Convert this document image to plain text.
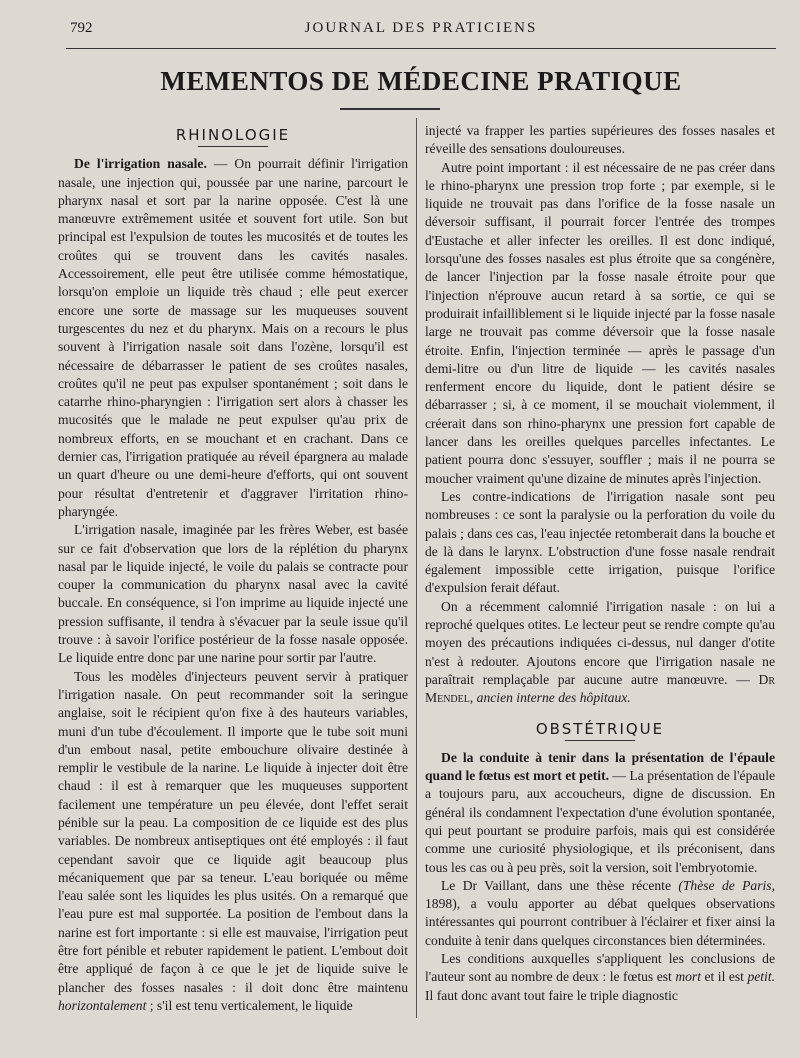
792	JOURNAL DES PRATICIENS
MEMENTOS DE MÉDECINE PRATIQUE
RHINOLOGIE

De l'irrigation nasale. — On pourrait définir l'irrigation nasale, une injection qui, poussée par une narine, parcourt le pharynx nasal et sort par la narine opposée. C'est là une manœuvre extrêmement usitée et souvent fort utile. Son but principal est l'expulsion de toutes les mucosités et de toutes les croûtes qui se trouvent dans les cavités nasales. Accessoirement, elle peut être utilisée comme hémostatique, lorsqu'on emploie un liquide très chaud ; elle peut exercer encore une sorte de massage sur les muqueuses souvent turgescentes du nez et du pharynx. Mais on a recours le plus souvent à l'irrigation nasale soit dans l'ozène, lorsqu'il est nécessaire de débarrasser le patient de ses croûtes nasales, croûtes qu'il ne peut pas expulser spontanément ; soit dans le catarrhe rhino-pharyngien : l'irrigation sert alors à chasser les mucosités que le malade ne peut expulser qu'au prix de nombreux efforts, en se mouchant et en crachant. Dans ce dernier cas, l'irrigation pratiquée au réveil épargnera au malade un quart d'heure ou une demi-heure d'efforts, qui ont souvent pour résultat d'entretenir et d'aggraver l'irritation rhino-pharyngée.

L'irrigation nasale, imaginée par les frères Weber, est basée sur ce fait d'observation que lors de la réplétion du pharynx nasal par le liquide injecté, le voile du palais se contracte pour couper la communication du pharynx nasal avec la cavité buccale. En conséquence, si l'on imprime au liquide injecté une pression suffisante, il tendra à s'évacuer par la seule issue qu'il trouve : à savoir l'orifice postérieur de la fosse nasale opposée. Le liquide entre donc par une narine pour sortir par l'autre.

Tous les modèles d'injecteurs peuvent servir à pratiquer l'irrigation nasale. On peut recommander soit la seringue anglaise, soit le récipient qu'on fixe à des hauteurs variables, muni d'un tube d'écoulement. Il importe que le tube soit muni d'un embout nasal, petite embouchure olivaire destinée à remplir le vestibule de la narine. Le liquide à injecter doit être chaud : il est à remarquer que les muqueuses supportent facilement une température un peu élevée, dont l'effet serait pénible sur la peau. La composition de ce liquide est des plus variables. De nombreux antiseptiques ont été employés : il faut cependant savoir que ce liquide agit beaucoup plus mécaniquement que par sa teneur. L'eau boriquée ou même l'eau salée sont les liquides les plus usités. On a remarqué que l'eau pure est mal supportée. La position de l'embout dans la narine est fort importante : si elle est mauvaise, l'irrigation peut être fort pénible et rebuter rapidement le patient. L'embout doit être appliqué de façon à ce que le jet de liquide suive le plancher des fosses nasales : il doit donc être maintenu horizontalement ; s'il est tenu verticalement, le liquide

injecté va frapper les parties supérieures des fosses nasales et réveille des sensations douloureuses.

Autre point important : il est nécessaire de ne pas créer dans le rhino-pharynx une pression trop forte ; par exemple, si le liquide ne trouvait pas dans l'orifice de la fosse nasale un déversoir suffisant, il pourrait forcer l'entrée des trompes d'Eustache et aller infecter les oreilles. Il est donc indiqué, lorsqu'une des fosses nasales est plus étroite que sa congénère, de lancer l'injection par la fosse nasale étroite pour que l'injection n'éprouve aucun retard à sa sortie, ce qui se produirait infailliblement si le liquide injecté par la fosse nasale large ne trouvait pas comme déversoir que la fosse nasale étroite. Enfin, l'injection terminée — après le passage d'un demi-litre ou d'un litre de liquide — les cavités nasales renferment encore du liquide, dont le patient désire se débarrasser ; si, à ce moment, il se mouchait violemment, il créerait dans son rhino-pharynx une pression fort capable de lancer dans les oreilles quelques parcelles infectantes. Le patient pourra donc s'essuyer, souffler ; mais il ne pourra se moucher vraiment qu'une dizaine de minutes après l'injection.

Les contre-indications de l'irrigation nasale sont peu nombreuses : ce sont la paralysie ou la perforation du voile du palais ; dans ces cas, l'eau injectée retomberait dans la bouche et de là dans le larynx. L'obstruction d'une fosse nasale rendrait également impossible cette irrigation, puisque l'orifice d'expulsion ferait défaut.

On a récemment calomnié l'irrigation nasale : on lui a reproché quelques otites. Le lecteur peut se rendre compte qu'au moyen des précautions indiquées ci-dessus, nul danger d'otite n'est à redouter. Ajoutons encore que l'irrigation nasale ne paraîtrait remplaçable par aucune autre manœuvre. — Dr Mendel, ancien interne des hôpitaux.

OBSTÉTRIQUE

De la conduite à tenir dans la présentation de l'épaule quand le fœtus est mort et petit. — La présentation de l'épaule a toujours paru, aux accoucheurs, digne de discussion. En général ils condamnent l'expectation d'une évolution spontanée, qui peut pourtant se produire parfois, mais qui est considérée comme une curiosité physiologique, et ils préconisent, dans tous les cas ou à peu près, soit la version, soit l'embryotomie.

Le Dr Vaillant, dans une thèse récente (Thèse de Paris, 1898), a voulu apporter au débat quelques observations intéressantes qui pourront contribuer à l'éclairer et fixer ainsi la conduite à tenir dans quelques circonstances bien déterminées.

Les conditions auxquelles s'appliquent les conclusions de l'auteur sont au nombre de deux : le fœtus est mort et il est petit. Il faut donc avant tout faire le triple diagnostic
